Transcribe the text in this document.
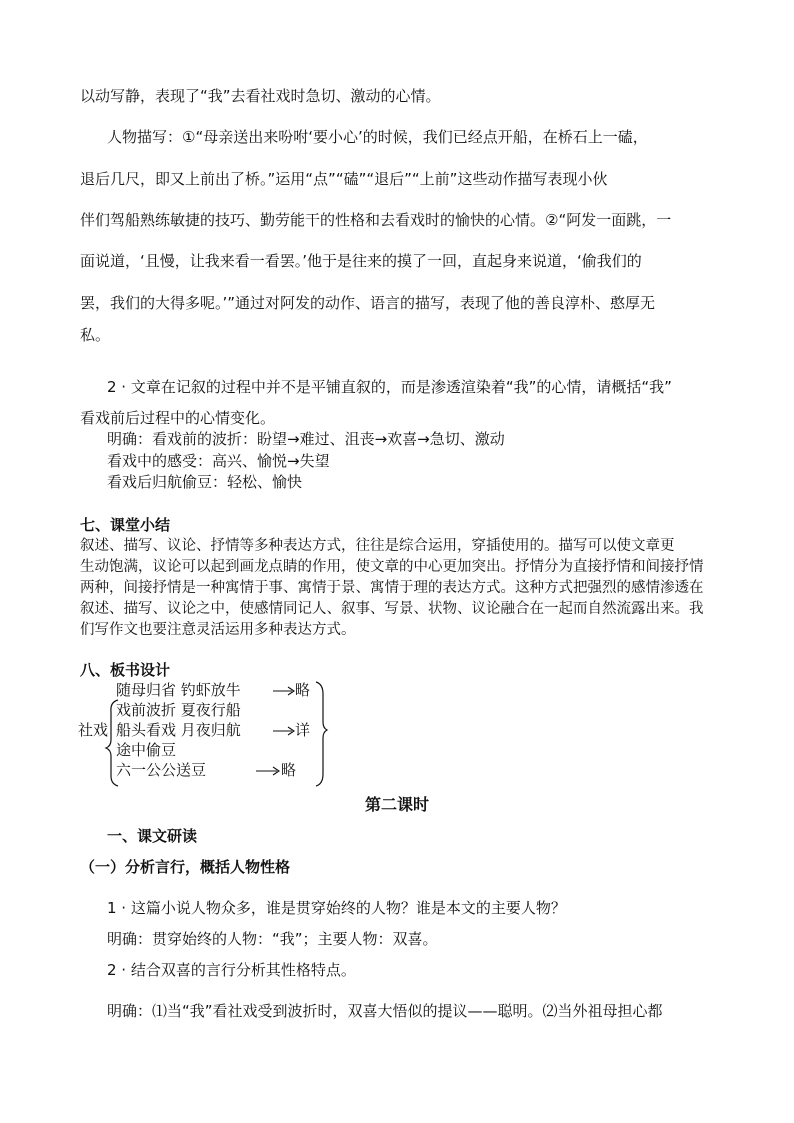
以动写静，表现了“我”去看社戏时急切、激动的心情。
人物描写：①“母亲送出来吩咐‘要小心’的时候，我们已经点开船，在桥石上一磕，
退后几尺，即又上前出了桥。”运用“点”“磕”“退后”“上前”这些动作描写表现小伙
伴们驾船熟练敏捷的技巧、勤劳能干的性格和去看戏时的愉快的心情。②“阿发一面跳，一
面说道，‘且慢，让我来看一看罢。’他于是往来的摸了一回，直起身来说道，‘偷我们的
罢，我们的大得多呢。’”通过对阿发的动作、语言的描写，表现了他的善良淳朴、憨厚无
私。
2 · 文章在记叙的过程中并不是平铺直叙的，而是渗透渲染着“我”的心情，请概括“我”
看戏前后过程中的心情变化。
明确：看戏前的波折：盼望→难过、沮丧→欢喜→急切、激动
看戏中的感受：高兴、愉悦→失望
看戏后归航偷豆：轻松、愉快
七、课堂小结
叙述、描写、议论、抒情等多种表达方式，往往是综合运用，穿插使用的。描写可以使文章更
生动饱满，议论可以起到画龙点睛的作用，使文章的中心更加突出。抒情分为直接抒情和间接抒情
两种，间接抒情是一种寓情于事、寓情于景、寓情于理的表达方式。这种方式把强烈的感情渗透在
叙述、描写、议论之中，使感情同记人、叙事、写景、状物、议论融合在一起而自然流露出来。我
们写作文也要注意灵活运用多种表达方式。
八、板书设计
随母归省 钓虾放牛
社戏
戏前波折 夏夜行船
船头看戏 月夜归航
途中偷豆
六一公公送豆
略
详
略
第二课时
一、课文研读
（一）分析言行，概括人物性格
1 · 这篇小说人物众多，谁是贯穿始终的人物？谁是本文的主要人物？
明确：贯穿始终的人物：“我”；主要人物：双喜。
2 · 结合双喜的言行分析其性格特点。
明确：⑴当“我”看社戏受到波折时，双喜大悟似的提议——聪明。⑵当外祖母担心都
